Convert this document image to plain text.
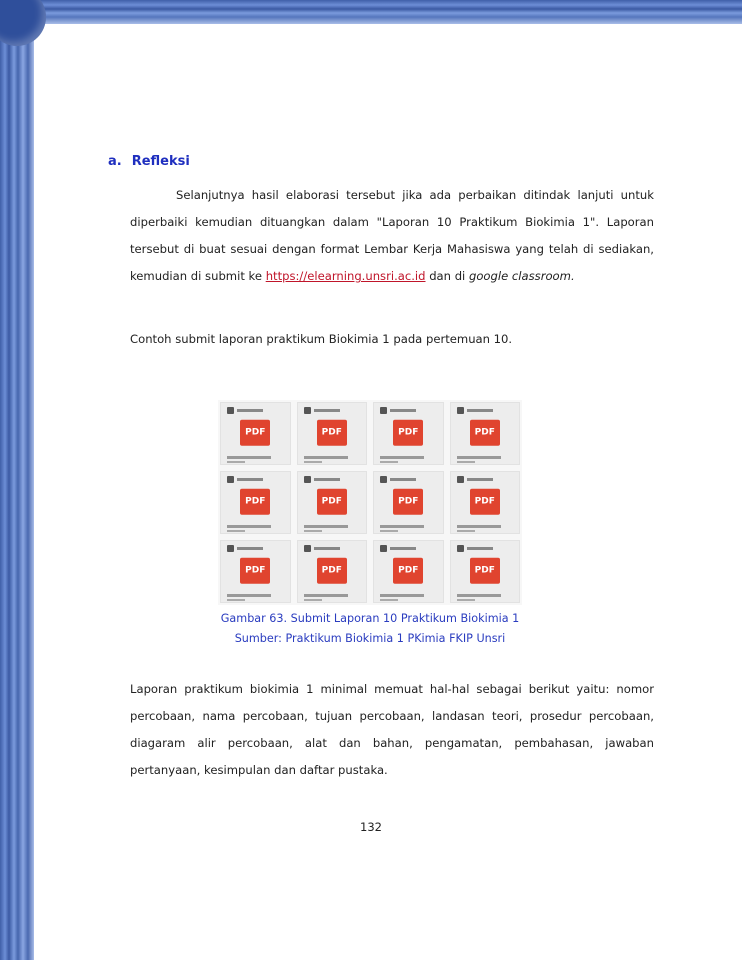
a. Refleksi
Selanjutnya hasil elaborasi tersebut jika ada perbaikan ditindak lanjuti untuk diperbaiki kemudian dituangkan dalam "Laporan 10 Praktikum Biokimia 1". Laporan tersebut di buat sesuai dengan format Lembar Kerja Mahasiswa yang telah di sediakan, kemudian di submit ke https://elearning.unsri.ac.id dan di google classroom.
Contoh submit laporan praktikum Biokimia 1 pada pertemuan 10.
PDF	PDF	PDF	PDF
PDF	PDF	PDF	PDF
PDF	PDF	PDF	PDF
Gambar 63. Submit Laporan 10 Praktikum Biokimia 1
Sumber: Praktikum Biokimia 1 PKimia FKIP Unsri
Laporan praktikum biokimia 1 minimal memuat hal-hal sebagai berikut yaitu: nomor percobaan, nama percobaan, tujuan percobaan, landasan teori, prosedur percobaan, diagaram alir percobaan, alat dan bahan, pengamatan, pembahasan, jawaban pertanyaan, kesimpulan dan daftar pustaka.
132
